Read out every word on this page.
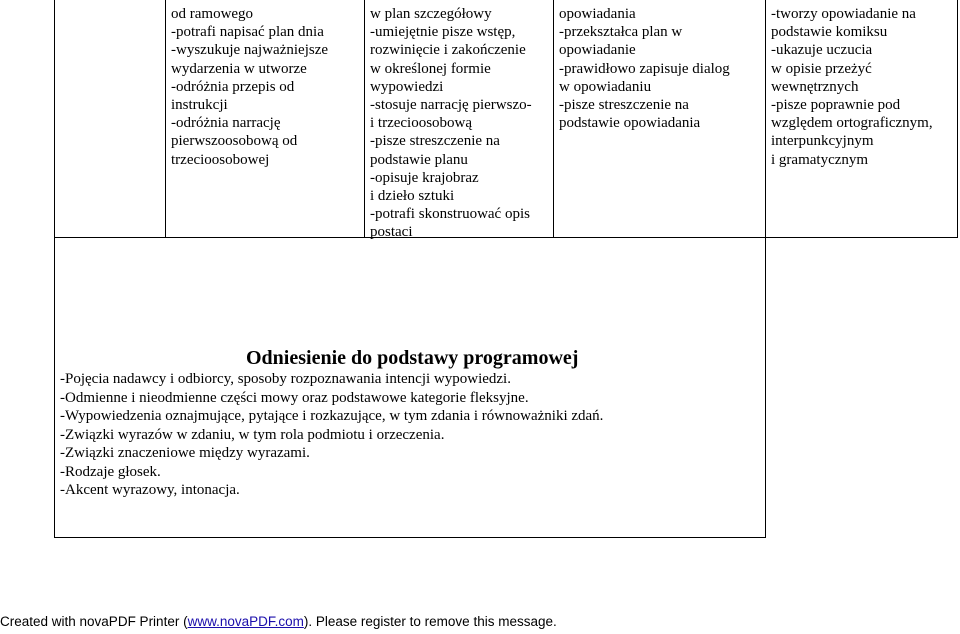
od ramowego
-potrafi napisać plan dnia
-wyszukuje najważniejsze
wydarzenia w utworze
-odróżnia przepis od
instrukcji
-odróżnia narrację
pierwszoosobową od
trzecioosobowej
w plan szczegółowy
-umiejętnie pisze wstęp,
rozwinięcie i zakończenie
w określonej formie
wypowiedzi
-stosuje narrację pierwszo-
i trzecioosobową
-pisze streszczenie na
podstawie planu
-opisuje krajobraz
i dzieło sztuki
-potrafi skonstruować opis
postaci
opowiadania
-przekształca plan w
opowiadanie
-prawidłowo zapisuje dialog
w opowiadaniu
-pisze streszczenie na
podstawie opowiadania
-tworzy opowiadanie na
podstawie komiksu
-ukazuje uczucia
w opisie przeżyć
wewnętrznych
-pisze poprawnie pod
względem ortograficznym,
interpunkcyjnym
i gramatycznym
Odniesienie do podstawy programowej
-Pojęcia nadawcy i odbiorcy, sposoby rozpoznawania intencji wypowiedzi.
-Odmienne i nieodmienne części mowy oraz podstawowe kategorie fleksyjne.
-Wypowiedzenia oznajmujące, pytające i rozkazujące, w tym zdania i równoważniki zdań.
-Związki wyrazów w zdaniu, w tym rola podmiotu i orzeczenia.
-Związki znaczeniowe między wyrazami.
-Rodzaje głosek.
-Akcent wyrazowy, intonacja.
Created with novaPDF Printer (www.novaPDF.com). Please register to remove this message.
